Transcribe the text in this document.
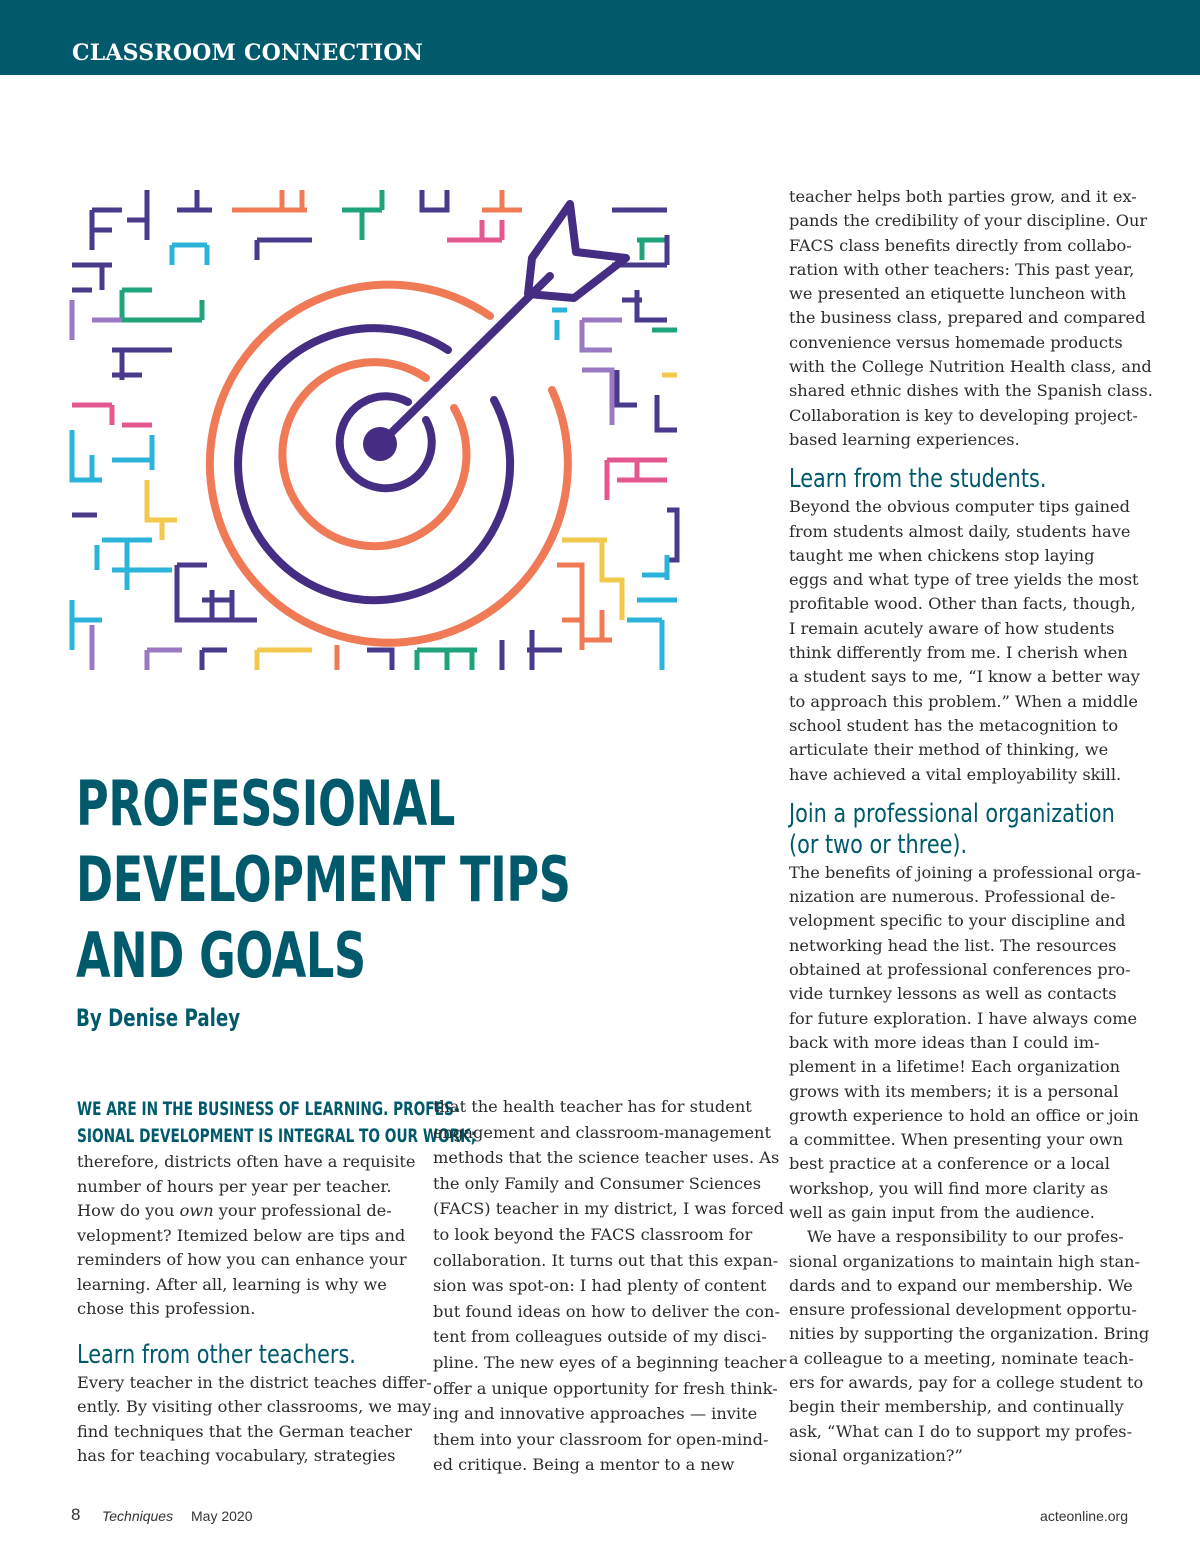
CLASSROOM CONNECTION
PROFESSIONAL
DEVELOPMENT TIPS
AND GOALS
By Denise Paley
WE ARE IN THE BUSINESS OF LEARNING. PROFES-
SIONAL DEVELOPMENT IS INTEGRAL TO OUR WORK;

therefore, districts often have a requisite

number of hours per year per teacher.

How do you own your professional de-

velopment? Itemized below are tips and

reminders of how you can enhance your

learning. After all, learning is why we

chose this profession.

Learn from other teachers.

Every teacher in the district teaches differ-

ently. By visiting other classrooms, we may

find techniques that the German teacher

has for teaching vocabulary, strategies

that the health teacher has for student

engagement and classroom-management

methods that the science teacher uses. As

the only Family and Consumer Sciences

(FACS) teacher in my district, I was forced

to look beyond the FACS classroom for

collaboration. It turns out that this expan-

sion was spot-on: I had plenty of content

but found ideas on how to deliver the con-

tent from colleagues outside of my disci-

pline. The new eyes of a beginning teacher

offer a unique opportunity for fresh think-

ing and innovative approaches — invite

them into your classroom for open-mind-

ed critique. Being a mentor to a new

teacher helps both parties grow, and it ex-

pands the credibility of your discipline. Our

FACS class benefits directly from collabo-

ration with other teachers: This past year,

we presented an etiquette luncheon with

the business class, prepared and compared

convenience versus homemade products

with the College Nutrition Health class, and

shared ethnic dishes with the Spanish class.

Collaboration is key to developing project-

based learning experiences.

Learn from the students.

Beyond the obvious computer tips gained

from students almost daily, students have

taught me when chickens stop laying

eggs and what type of tree yields the most

profitable wood. Other than facts, though,

I remain acutely aware of how students

think differently from me. I cherish when

a student says to me, “I know a better way

to approach this problem.” When a middle

school student has the metacognition to

articulate their method of thinking, we

have achieved a vital employability skill.

Join a professional organization
(or two or three).

The benefits of joining a professional orga-

nization are numerous. Professional de-

velopment specific to your discipline and

networking head the list. The resources

obtained at professional conferences pro-

vide turnkey lessons as well as contacts

for future exploration. I have always come

back with more ideas than I could im-

plement in a lifetime! Each organization

grows with its members; it is a personal

growth experience to hold an office or join

a committee. When presenting your own

best practice at a conference or a local

workshop, you will find more clarity as

well as gain input from the audience.

We have a responsibility to our profes-

sional organizations to maintain high stan-

dards and to expand our membership. We

ensure professional development opportu-

nities by supporting the organization. Bring

a colleague to a meeting, nominate teach-

ers for awards, pay for a college student to

begin their membership, and continually

ask, “What can I do to support my profes-

sional organization?”

8 Techniques May 2020	acteonline.org
